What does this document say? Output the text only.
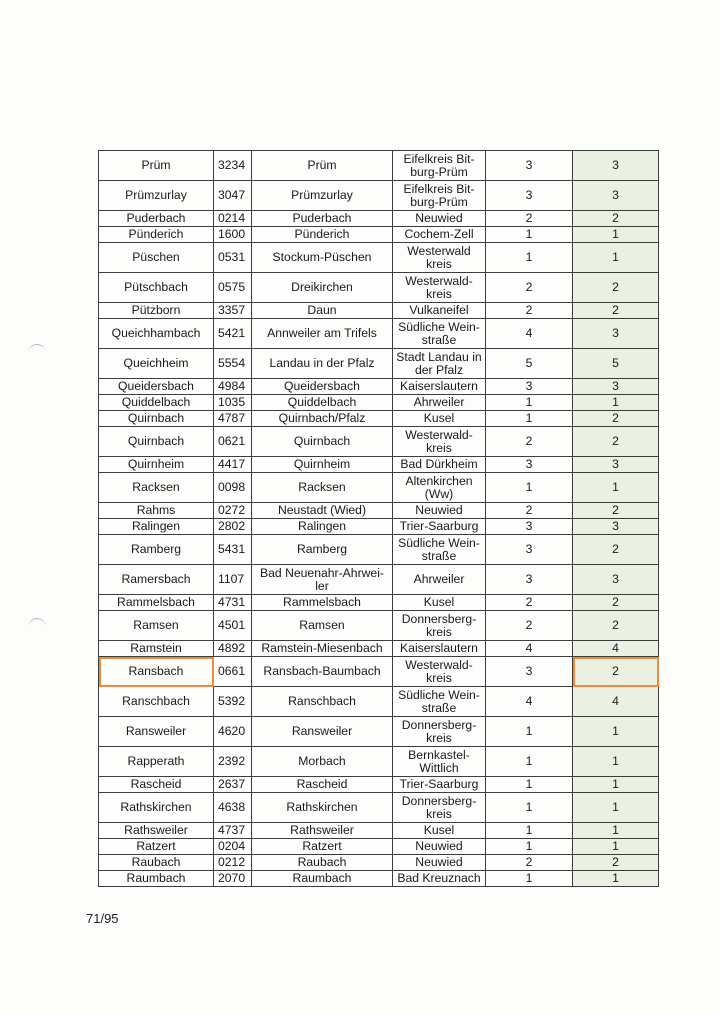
Prüm	3234	Prüm	Eifelkreis Bit- burg-Prüm	3	3
Prümzurlay	3047	Prümzurlay	Eifelkreis Bit- burg-Prüm	3	3
Puderbach	0214	Puderbach	Neuwied	2	2
Pünderich	1600	Pünderich	Cochem-Zell	1	1
Püschen	0531	Stockum-Püschen	Westerwald kreis	1	1
Pütschbach	0575	Dreikirchen	Westerwald- kreis	2	2
Pützborn	3357	Daun	Vulkaneifel	2	2
Queichhambach	5421	Annweiler am Trifels	Südliche Wein- straße	4	3
Queichheim	5554	Landau in der Pfalz	Stadt Landau in der Pfalz	5	5
Queidersbach	4984	Queidersbach	Kaiserslautern	3	3
Quiddelbach	1035	Quiddelbach	Ahrweiler	1	1
Quirnbach	4787	Quirnbach/Pfalz	Kusel	1	2
Quirnbach	0621	Quirnbach	Westerwald- kreis	2	2
Quirnheim	4417	Quirnheim	Bad Dürkheim	3	3
Racksen	0098	Racksen	Altenkirchen (Ww)	1	1
Rahms	0272	Neustadt (Wied)	Neuwied	2	2
Ralingen	2802	Ralingen	Trier-Saarburg	3	3
Ramberg	5431	Ramberg	Südliche Wein- straße	3	2
Ramersbach	1107	Bad Neuenahr-Ahrwei- ler	Ahrweiler	3	3
Rammelsbach	4731	Rammelsbach	Kusel	2	2
Ramsen	4501	Ramsen	Donnersberg- kreis	2	2
Ramstein	4892	Ramstein-Miesenbach	Kaiserslautern	4	4
Ransbach	0661	Ransbach-Baumbach	Westerwald- kreis	3	2
Ranschbach	5392	Ranschbach	Südliche Wein- straße	4	4
Ransweiler	4620	Ransweiler	Donnersberg- kreis	1	1
Rapperath	2392	Morbach	Bernkastel- Wittlich	1	1
Rascheid	2637	Rascheid	Trier-Saarburg	1	1
Rathskirchen	4638	Rathskirchen	Donnersberg- kreis	1	1
Rathsweiler	4737	Rathsweiler	Kusel	1	1
Ratzert	0204	Ratzert	Neuwied	1	1
Raubach	0212	Raubach	Neuwied	2	2
Raumbach	2070	Raumbach	Bad Kreuznach	1	1
71/95
